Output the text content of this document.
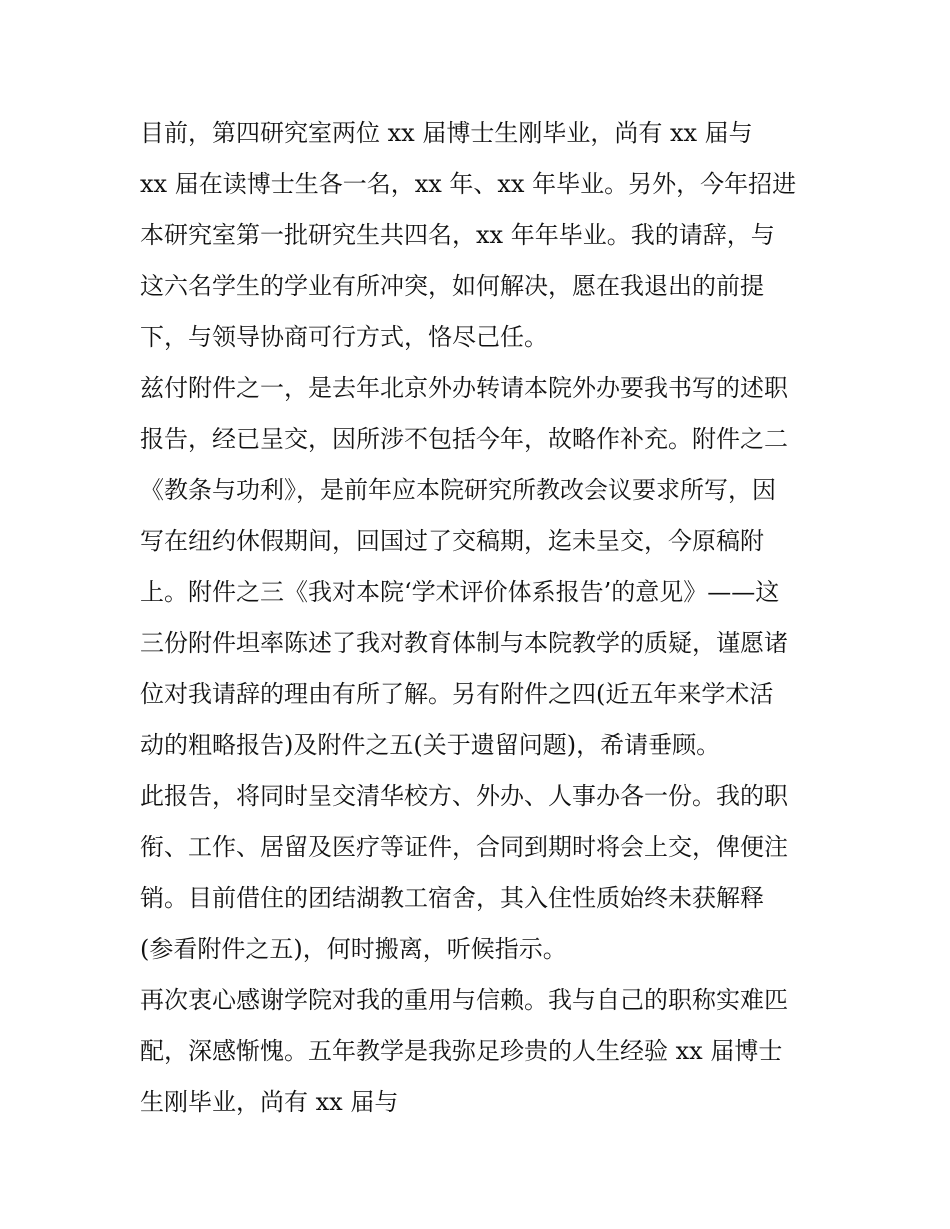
目前，第四研究室两位 xx 届博士生刚毕业，尚有 xx 届与
xx 届在读博士生各一名，xx 年、xx 年毕业。另外，今年招进
本研究室第一批研究生共四名，xx 年年毕业。我的请辞，与
这六名学生的学业有所冲突，如何解决，愿在我退出的前提
下，与领导协商可行方式，恪尽己任。
兹付附件之一，是去年北京外办转请本院外办要我书写的述职
报告，经已呈交，因所涉不包括今年，故略作补充。附件之二
《教条与功利》，是前年应本院研究所教改会议要求所写，因
写在纽约休假期间，回国过了交稿期，迄未呈交，今原稿附
上。附件之三《我对本院‘学术评价体系报告’的意见》——这
三份附件坦率陈述了我对教育体制与本院教学的质疑，谨愿诸
位对我请辞的理由有所了解。另有附件之四(近五年来学术活
动的粗略报告)及附件之五(关于遗留问题)，希请垂顾。
此报告，将同时呈交清华校方、外办、人事办各一份。我的职
衔、工作、居留及医疗等证件，合同到期时将会上交，俾便注
销。目前借住的团结湖教工宿舍，其入住性质始终未获解释
(参看附件之五)，何时搬离，听候指示。
再次衷心感谢学院对我的重用与信赖。我与自己的职称实难匹
配，深感惭愧。五年教学是我弥足珍贵的人生经验 xx 届博士
生刚毕业，尚有 xx 届与
